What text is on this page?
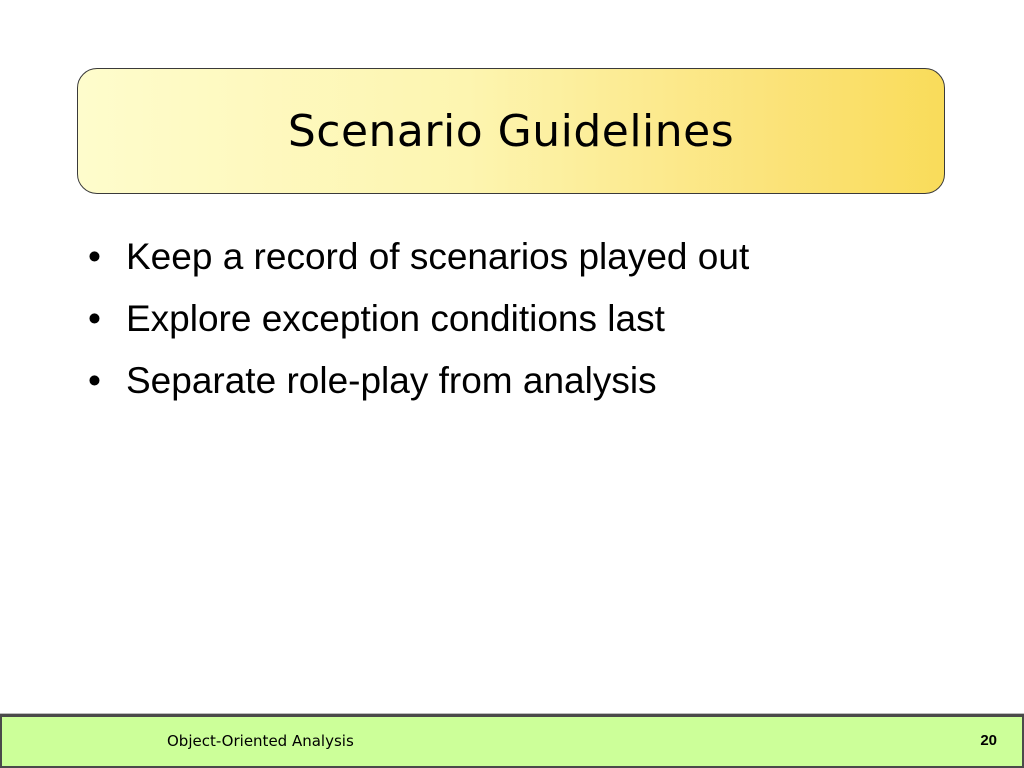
Scenario Guidelines
• Keep a record of scenarios played out
• Explore exception conditions last
• Separate role-play from analysis
Object-Oriented Analysis	20
